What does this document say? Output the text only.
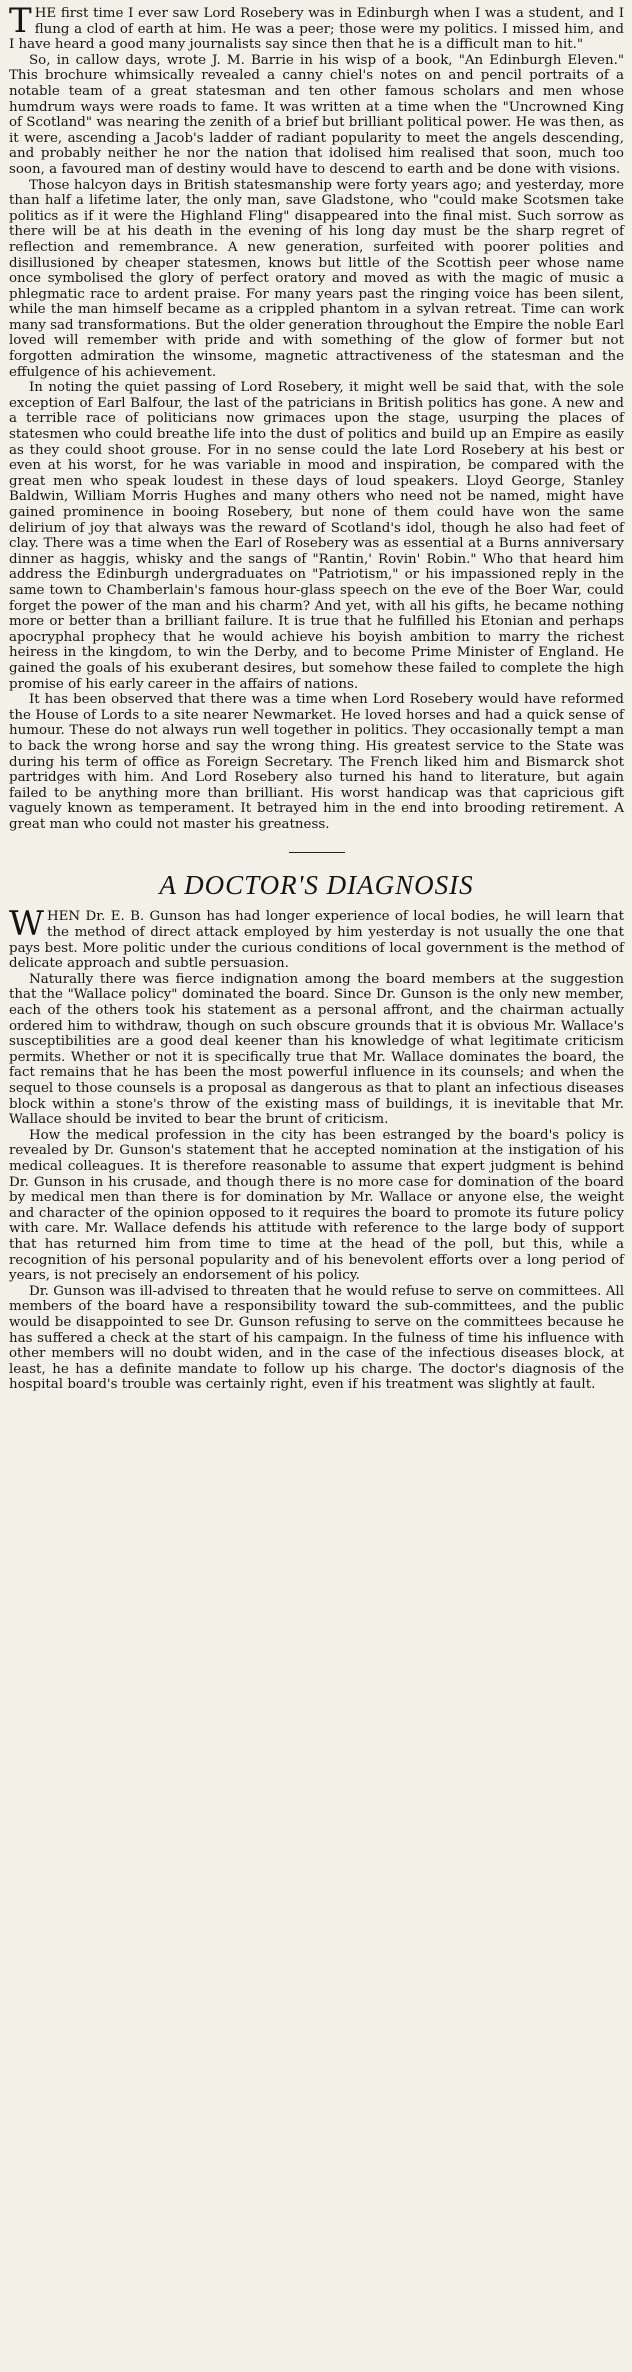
THE first time I ever saw Lord Rosebery was in Edinburgh when I was a student, and I flung a clod of earth at him. He was a peer; those were my politics. I missed him, and I have heard a good many journalists say since then that he is a difficult man to hit."

So, in callow days, wrote J. M. Barrie in his wisp of a book, "An Edinburgh Eleven." This brochure whimsically revealed a canny chiel's notes on and pencil portraits of a notable team of a great statesman and ten other famous scholars and men whose humdrum ways were roads to fame. It was written at a time when the "Uncrowned King of Scotland" was nearing the zenith of a brief but brilliant political power. He was then, as it were, ascending a Jacob's ladder of radiant popularity to meet the angels descending, and probably neither he nor the nation that idolised him realised that soon, much too soon, a favoured man of destiny would have to descend to earth and be done with visions.

Those halcyon days in British statesmanship were forty years ago; and yesterday, more than half a lifetime later, the only man, save Gladstone, who "could make Scotsmen take politics as if it were the Highland Fling" disappeared into the final mist. Such sorrow as there will be at his death in the evening of his long day must be the sharp regret of reflection and remembrance. A new generation, surfeited with poorer polities and disillusioned by cheaper statesmen, knows but little of the Scottish peer whose name once symbolised the glory of perfect oratory and moved as with the magic of music a phlegmatic race to ardent praise. For many years past the ringing voice has been silent, while the man himself became as a crippled phantom in a sylvan retreat. Time can work many sad transformations. But the older generation throughout the Empire the noble Earl loved will remember with pride and with something of the glow of former but not forgotten admiration the winsome, magnetic attractiveness of the statesman and the effulgence of his achievement.

In noting the quiet passing of Lord Rosebery, it might well be said that, with the sole exception of Earl Balfour, the last of the patricians in British politics has gone. A new and a terrible race of politicians now grimaces upon the stage, usurping the places of statesmen who could breathe life into the dust of politics and build up an Empire as easily as they could shoot grouse. For in no sense could the late Lord Rosebery at his best or even at his worst, for he was variable in mood and inspiration, be compared with the great men who speak loudest in these days of loud speakers. Lloyd George, Stanley Baldwin, William Morris Hughes and many others who need not be named, might have gained prominence in booing Rosebery, but none of them could have won the same delirium of joy that always was the reward of Scotland's idol, though he also had feet of clay. There was a time when the Earl of Rosebery was as essential at a Burns anniversary dinner as haggis, whisky and the sangs of "Rantin,' Rovin' Robin." Who that heard him address the Edinburgh undergraduates on "Patriotism," or his impassioned reply in the same town to Chamberlain's famous hour-glass speech on the eve of the Boer War, could forget the power of the man and his charm? And yet, with all his gifts, he became nothing more or better than a brilliant failure. It is true that he fulfilled his Etonian and perhaps apocryphal prophecy that he would achieve his boyish ambition to marry the richest heiress in the kingdom, to win the Derby, and to become Prime Minister of England. He gained the goals of his exuberant desires, but somehow these failed to complete the high promise of his early career in the affairs of nations.

It has been observed that there was a time when Lord Rosebery would have reformed the House of Lords to a site nearer Newmarket. He loved horses and had a quick sense of humour. These do not always run well together in politics. They occasionally tempt a man to back the wrong horse and say the wrong thing. His greatest service to the State was during his term of office as Foreign Secretary. The French liked him and Bismarck shot partridges with him. And Lord Rosebery also turned his hand to literature, but again failed to be anything more than brilliant. His worst handicap was that capricious gift vaguely known as temperament. It betrayed him in the end into brooding retirement. A great man who could not master his greatness.

A DOCTOR'S DIAGNOSIS

WHEN Dr. E. B. Gunson has had longer experience of local bodies, he will learn that the method of direct attack employed by him yesterday is not usually the one that pays best. More politic under the curious conditions of local government is the method of delicate approach and subtle persuasion.

Naturally there was fierce indignation among the board members at the suggestion that the "Wallace policy" dominated the board. Since Dr. Gunson is the only new member, each of the others took his statement as a personal affront, and the chairman actually ordered him to withdraw, though on such obscure grounds that it is obvious Mr. Wallace's susceptibilities are a good deal keener than his knowledge of what legitimate criticism permits. Whether or not it is specifically true that Mr. Wallace dominates the board, the fact remains that he has been the most powerful influence in its counsels; and when the sequel to those counsels is a proposal as dangerous as that to plant an infectious diseases block within a stone's throw of the existing mass of buildings, it is inevitable that Mr. Wallace should be invited to bear the brunt of criticism.

How the medical profession in the city has been estranged by the board's policy is revealed by Dr. Gunson's statement that he accepted nomination at the instigation of his medical colleagues. It is therefore reasonable to assume that expert judgment is behind Dr. Gunson in his crusade, and though there is no more case for domination of the board by medical men than there is for domination by Mr. Wallace or anyone else, the weight and character of the opinion opposed to it requires the board to promote its future policy with care. Mr. Wallace defends his attitude with reference to the large body of support that has returned him from time to time at the head of the poll, but this, while a recognition of his personal popularity and of his benevolent efforts over a long period of years, is not precisely an endorsement of his policy.

Dr. Gunson was ill-advised to threaten that he would refuse to serve on committees. All members of the board have a responsibility toward the sub-committees, and the public would be disappointed to see Dr. Gunson refusing to serve on the committees because he has suffered a check at the start of his campaign. In the fulness of time his influence with other members will no doubt widen, and in the case of the infectious diseases block, at least, he has a definite mandate to follow up his charge. The doctor's diagnosis of the hospital board's trouble was certainly right, even if his treatment was slightly at fault.
